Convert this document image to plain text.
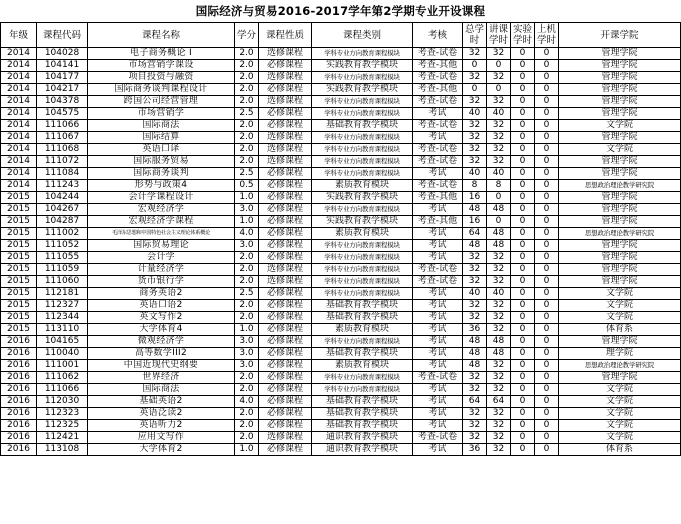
国际经济与贸易2016-2017学年第2学期专业开设课程
年级	课程代码	课程名称	学分	课程性质	课程类别	考核	总学时	讲课学时	实验学时	上机学时	开课学院
2014	104028	电子商务概论 I	2.0	选修课程	学科专业方向教育课程模块	考查-试卷	32	32	0	0	管理学院
2014	104141	市场营销学课设	2.0	必修课程	实践教育教学模块	考查-其他	0	0	0	0	管理学院
2014	104177	项目投资与融资	2.0	选修课程	学科专业方向教育课程模块	考查-试卷	32	32	0	0	管理学院
2014	104217	国际商务谈判课程设计	2.0	必修课程	实践教育教学模块	考查-其他	0	0	0	0	管理学院
2014	104378	跨国公司经营管理	2.0	选修课程	学科专业方向教育课程模块	考查-试卷	32	32	0	0	管理学院
2014	104575	市场营销学	2.5	必修课程	学科专业方向教育课程模块	考试	40	40	0	0	管理学院
2014	111066	国际商法	2.0	必修课程	基础教育教学模块	考查-试卷	32	32	0	0	文学院
2014	111067	国际结算	2.0	选修课程	学科专业方向教育课程模块	考试	32	32	0	0	管理学院
2014	111068	英语口译	2.0	选修课程	学科专业方向教育课程模块	考查-试卷	32	32	0	0	文学院
2014	111072	国际服务贸易	2.0	选修课程	学科专业方向教育课程模块	考查-试卷	32	32	0	0	管理学院
2014	111084	国际商务谈判	2.5	必修课程	学科专业方向教育课程模块	考试	40	40	0	0	管理学院
2014	111243	形势与政策4	0.5	必修课程	素质教育模块	考查-试卷	8	8	0	0	思想政治理论教学研究院
2015	104244	会计学课程设计	1.0	必修课程	实践教育教学模块	考查-其他	16	0	0	0	管理学院
2015	104267	宏观经济学	3.0	必修课程	学科专业方向教育课程模块	考试	48	48	0	0	管理学院
2015	104287	宏观经济学课程	1.0	必修课程	实践教育教学模块	考查-其他	16	0	0	0	管理学院
2015	111002	毛泽东思想和中国特色社会主义理论体系概论	4.0	必修课程	素质教育模块	考试	64	48	0	0	思想政治理论教学研究院
2015	111052	国际贸易理论	3.0	必修课程	学科专业方向教育课程模块	考试	48	48	0	0	管理学院
2015	111055	会计学	2.0	必修课程	学科专业方向教育课程模块	考试	32	32	0	0	管理学院
2015	111059	计量经济学	2.0	选修课程	学科专业方向教育课程模块	考查-试卷	32	32	0	0	管理学院
2015	111060	货币银行学	2.0	选修课程	学科专业方向教育课程模块	考查-试卷	32	32	0	0	管理学院
2015	112181	商务英语2	2.5	必修课程	学科专业方向教育课程模块	考试	40	40	0	0	文学院
2015	112327	英语口语2	2.0	必修课程	基础教育教学模块	考试	32	32	0	0	文学院
2015	112344	英文写作2	2.0	必修课程	基础教育教学模块	考试	32	32	0	0	文学院
2015	113110	大学体育4	1.0	必修课程	素质教育模块	考试	36	32	0	0	体育系
2016	104165	微观经济学	3.0	必修课程	学科专业方向教育课程模块	考试	48	48	0	0	管理学院
2016	110040	高等数学III2	3.0	必修课程	基础教育教学模块	考试	48	48	0	0	理学院
2016	111001	中国近现代史纲要	3.0	必修课程	素质教育模块	考试	48	32	0	0	思想政治理论教学研究院
2016	111062	世界经济	2.0	必修课程	学科专业方向教育课程模块	考查-试卷	32	32	0	0	管理学院
2016	111066	国际商法	2.0	必修课程	学科专业方向教育课程模块	考试	32	32	0	0	文学院
2016	112030	基础英语2	4.0	必修课程	基础教育教学模块	考试	64	64	0	0	文学院
2016	112323	英语泛读2	2.0	必修课程	基础教育教学模块	考试	32	32	0	0	文学院
2016	112325	英语听力2	2.0	必修课程	基础教育教学模块	考试	32	32	0	0	文学院
2016	112421	应用文写作	2.0	选修课程	通识教育教学模块	考查-试卷	32	32	0	0	文学院
2016	113108	大学体育2	1.0	必修课程	通识教育教学模块	考试	36	32	0	0	体育系
